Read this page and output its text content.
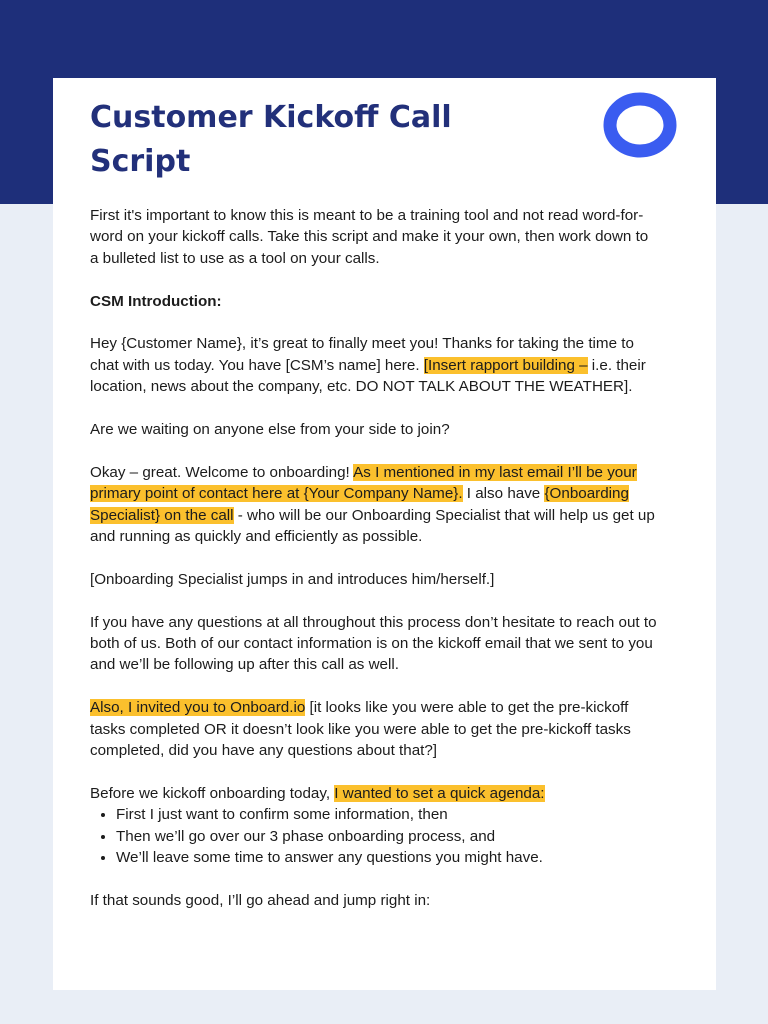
Customer Kickoff Call Script

First it's important to know this is meant to be a training tool and not read word-for-word on your kickoff calls. Take this script and make it your own, then work down to a bulleted list to use as a tool on your calls.

CSM Introduction:

Hey {Customer Name}, it’s great to finally meet you! Thanks for taking the time to chat with us today. You have [CSM’s name] here. [Insert rapport building – i.e. their location, news about the company, etc. DO NOT TALK ABOUT THE WEATHER].

Are we waiting on anyone else from your side to join?

Okay – great. Welcome to onboarding! As I mentioned in my last email I’ll be your primary point of contact here at {Your Company Name}. I also have {Onboarding Specialist} on the call - who will be our Onboarding Specialist that will help us get up and running as quickly and efficiently as possible.

[Onboarding Specialist jumps in and introduces him/herself.]

If you have any questions at all throughout this process don’t hesitate to reach out to both of us. Both of our contact information is on the kickoff email that we sent to you and we’ll be following up after this call as well.

Also, I invited you to Onboard.io [it looks like you were able to get the pre-kickoff tasks completed OR it doesn’t look like you were able to get the pre-kickoff tasks completed, did you have any questions about that?]

Before we kickoff onboarding today, I wanted to set a quick agenda:

• First I just want to confirm some information, then
• Then we’ll go over our 3 phase onboarding process, and
• We’ll leave some time to answer any questions you might have.

If that sounds good, I’ll go ahead and jump right in:
